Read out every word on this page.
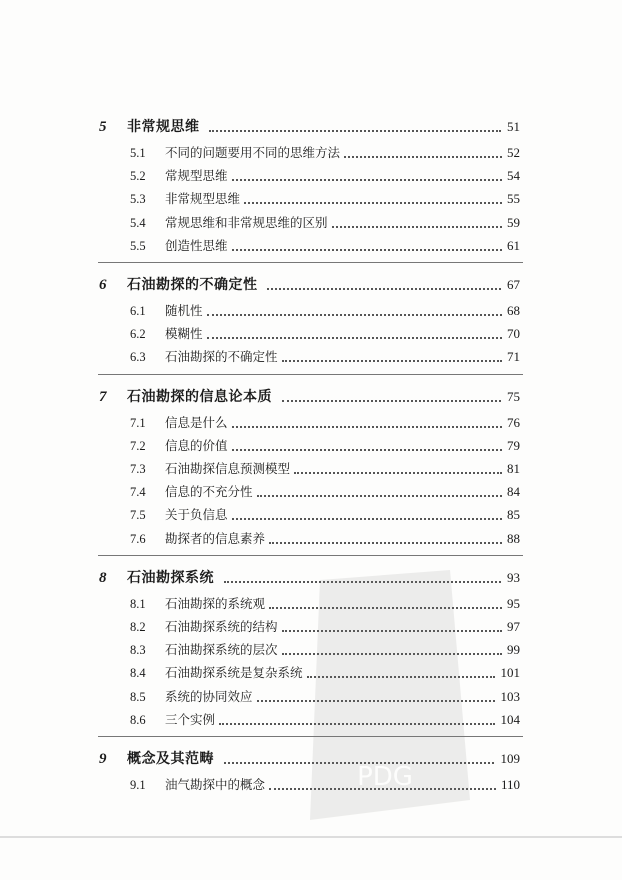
5	非常规思维	51
5.1	不同的问题要用不同的思维方法	52
5.2	常规型思维	54
5.3	非常规型思维	55
5.4	常规思维和非常规思维的区别	59
5.5	创造性思维	61
6	石油勘探的不确定性	67
6.1	随机性	68
6.2	模糊性	70
6.3	石油勘探的不确定性	71
7	石油勘探的信息论本质	75
7.1	信息是什么	76
7.2	信息的价值	79
7.3	石油勘探信息预测模型	81
7.4	信息的不充分性	84
7.5	关于负信息	85
7.6	勘探者的信息素养	88
8	石油勘探系统	93
8.1	石油勘探的系统观	95
8.2	石油勘探系统的结构	97
8.3	石油勘探系统的层次	99
8.4	石油勘探系统是复杂系统	101
8.5	系统的协同效应	103
8.6	三个实例	104
9	概念及其范畴	109
9.1	油气勘探中的概念	110
PDG
